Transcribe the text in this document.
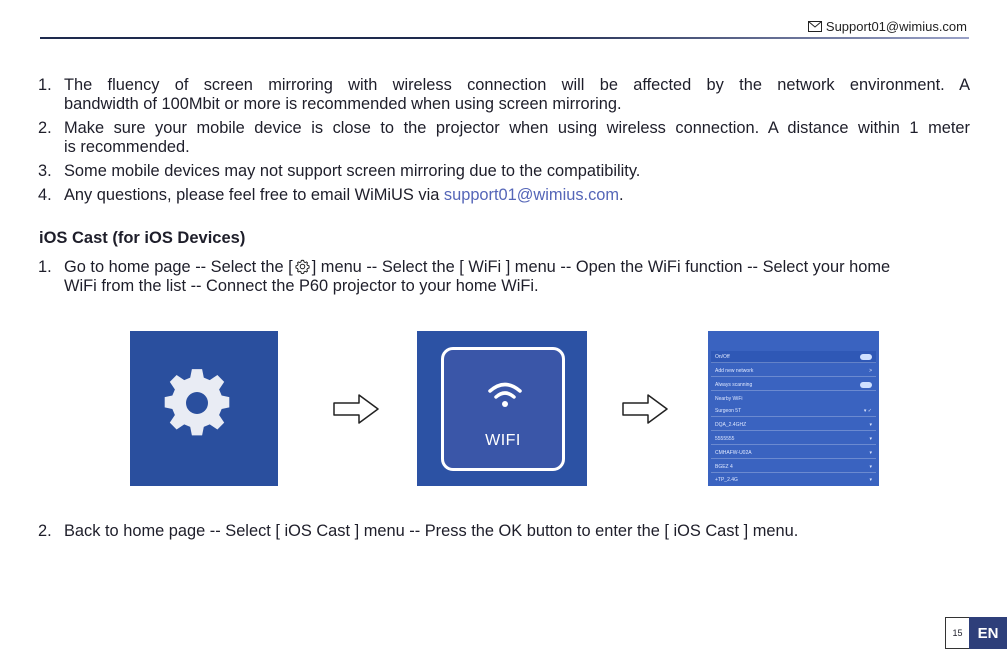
Support01@wimius.com
1. The fluency of screen mirroring with wireless connection will be affected by the network environment. A
bandwidth of 100Mbit or more is recommended when using screen mirroring.
2. Make sure your mobile device is close to the projector when using wireless connection. A distance within 1 meter
is recommended.
3. Some mobile devices may not support screen mirroring due to the compatibility.
4. Any questions, please feel free to email WiMiUS via support01@wimius.com.
iOS Cast (for iOS Devices)
1. Go to home page -- Select the [ ] menu -- Select the [ WiFi ] menu -- Open the WiFi function -- Select your home
WiFi from the list -- Connect the P60 projector to your home WiFi.
WIFI
On/Off
Add new network	>
Always scanning
Nearby WiFi
Surgeon 5T	▾ ✓
DQA_2.4GHZ	▾
5555555	▾
CMHAFW-U02A	▾
BGEZ 4	▾
+TP_2.4G	▾
2. Back to home page -- Select [ iOS Cast ] menu -- Press the OK button to enter the [ iOS Cast ] menu.
15	EN
